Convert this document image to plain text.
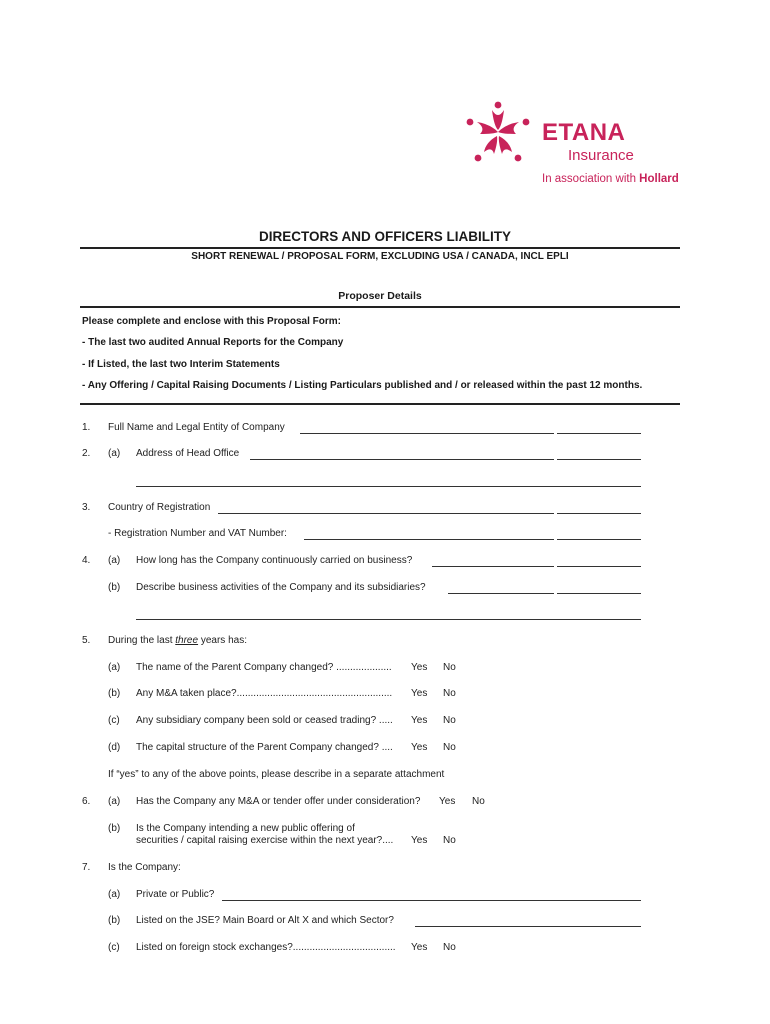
ETANA
Insurance
In association with Hollard
DIRECTORS AND OFFICERS LIABILITY
SHORT RENEWAL / PROPOSAL FORM, EXCLUDING USA / CANADA, INCL EPLI
Proposer Details
Please complete and enclose with this Proposal Form:
- The last two audited Annual Reports for the Company
- If Listed, the last two Interim Statements
- Any Offering / Capital Raising Documents / Listing Particulars published and / or released within the past 12 months.
1. Full Name and Legal Entity of Company
2. (a) Address of Head Office
3. Country of Registration
- Registration Number and VAT Number:
4. (a) How long has the Company continuously carried on business?
(b) Describe business activities of the Company and its subsidiaries?
5. During the last three years has:
(a) The name of the Parent Company changed? .................... Yes No
(b) Any M&A taken place?........................................................ Yes No
(c) Any subsidiary company been sold or ceased trading? ..... Yes No
(d) The capital structure of the Parent Company changed? .... Yes No
If “yes” to any of the above points, please describe in a separate attachment
6. (a) Has the Company any M&A or tender offer under consideration? Yes No
(b) Is the Company intending a new public offering of
securities / capital raising exercise within the next year?.... Yes No
7. Is the Company:
(a) Private or Public?
(b) Listed on the JSE? Main Board or Alt X and which Sector?
(c) Listed on foreign stock exchanges?..................................... Yes No
